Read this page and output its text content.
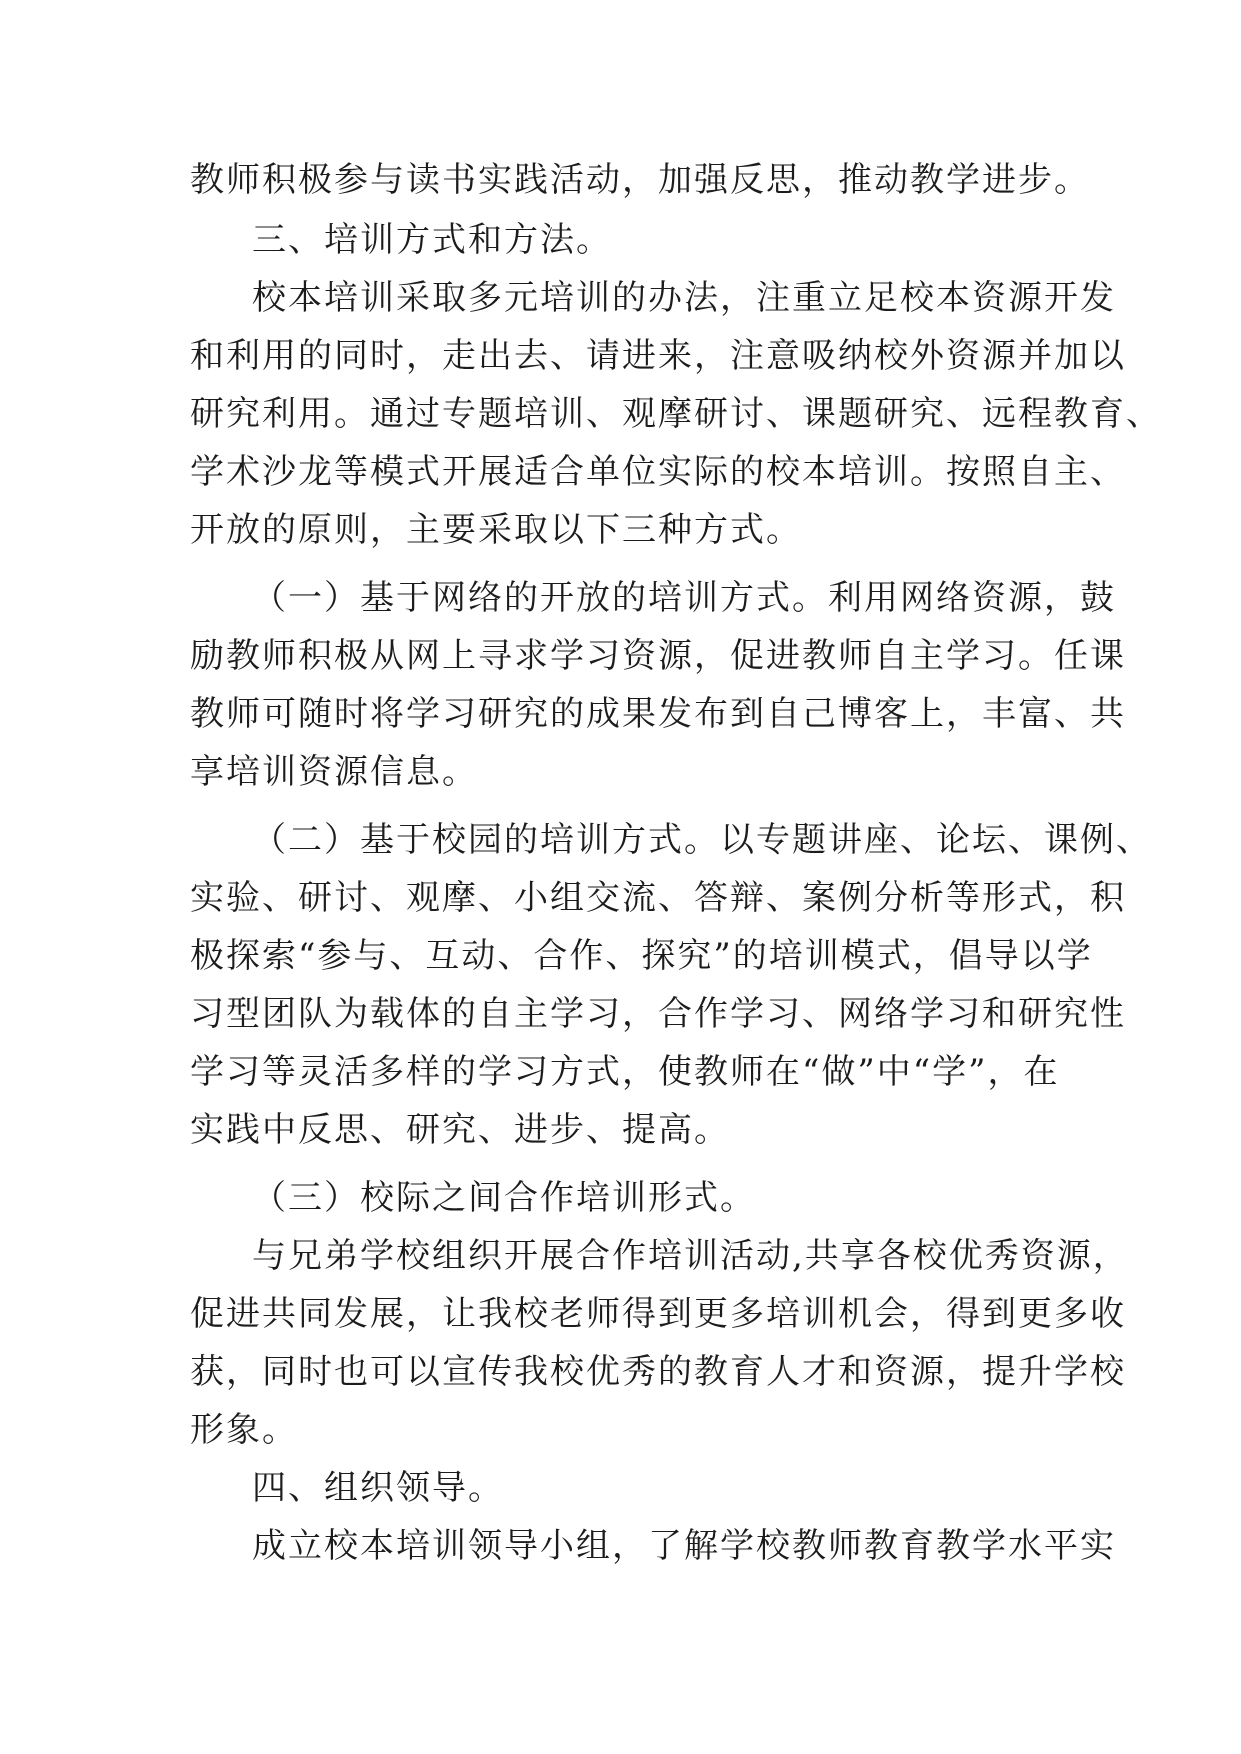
教师积极参与读书实践活动，加强反思，推动教学进步。
三、培训方式和方法。
校本培训采取多元培训的办法，注重立足校本资源开发
和利用的同时，走出去、请进来，注意吸纳校外资源并加以
研究利用。通过专题培训、观摩研讨、课题研究、远程教育、
学术沙龙等模式开展适合单位实际的校本培训。按照自主、
开放的原则，主要采取以下三种方式。
（一）基于网络的开放的培训方式。利用网络资源，鼓
励教师积极从网上寻求学习资源，促进教师自主学习。任课
教师可随时将学习研究的成果发布到自己博客上，丰富、共
享培训资源信息。
（二）基于校园的培训方式。以专题讲座、论坛、课例、
实验、研讨、观摩、小组交流、答辩、案例分析等形式，积
极探索“参与、互动、合作、探究”的培训模式，倡导以学
习型团队为载体的自主学习，合作学习、网络学习和研究性
学习等灵活多样的学习方式，使教师在“做”中“学”，在
实践中反思、研究、进步、提高。
（三）校际之间合作培训形式。
与兄弟学校组织开展合作培训活动,共享各校优秀资源，
促进共同发展，让我校老师得到更多培训机会，得到更多收
获，同时也可以宣传我校优秀的教育人才和资源，提升学校
形象。
四、组织领导。
成立校本培训领导小组，了解学校教师教育教学水平实
